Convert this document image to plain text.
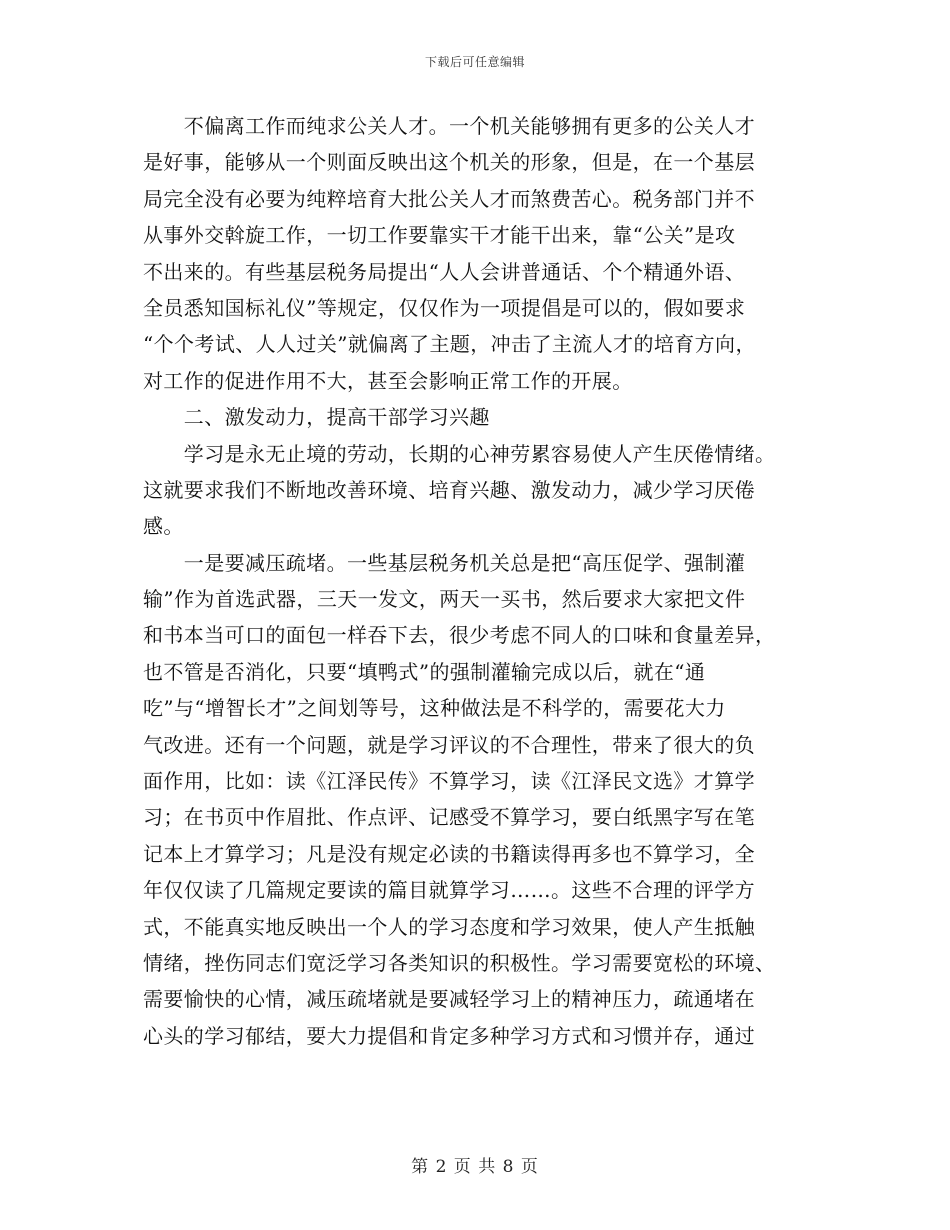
下载后可任意编辑
　　不偏离工作而纯求公关人才。一个机关能够拥有更多的公关人才
是好事，能够从一个则面反映出这个机关的形象，但是，在一个基层
局完全没有必要为纯粹培育大批公关人才而煞费苦心。税务部门并不
从事外交斡旋工作，一切工作要靠实干才能干出来，靠“公关”是攻
不出来的。有些基层税务局提出“人人会讲普通话、个个精通外语、
全员悉知国标礼仪”等规定，仅仅作为一项提倡是可以的，假如要求
“个个考试、人人过关”就偏离了主题，冲击了主流人才的培育方向，
对工作的促进作用不大，甚至会影响正常工作的开展。
　　二、激发动力，提高干部学习兴趣
　　学习是永无止境的劳动，长期的心神劳累容易使人产生厌倦情绪。
这就要求我们不断地改善环境、培育兴趣、激发动力，减少学习厌倦
感。
　　一是要减压疏堵。一些基层税务机关总是把“高压促学、强制灌
输”作为首选武器，三天一发文，两天一买书，然后要求大家把文件
和书本当可口的面包一样吞下去，很少考虑不同人的口味和食量差异，
也不管是否消化，只要“填鸭式”的强制灌输完成以后，就在“通
吃”与“增智长才”之间划等号，这种做法是不科学的，需要花大力
气改进。还有一个问题，就是学习评议的不合理性，带来了很大的负
面作用，比如：读《江泽民传》不算学习，读《江泽民文选》才算学
习；在书页中作眉批、作点评、记感受不算学习，要白纸黑字写在笔
记本上才算学习；凡是没有规定必读的书籍读得再多也不算学习，全
年仅仅读了几篇规定要读的篇目就算学习……。这些不合理的评学方
式，不能真实地反映出一个人的学习态度和学习效果，使人产生抵触
情绪，挫伤同志们宽泛学习各类知识的积极性。学习需要宽松的环境、
需要愉快的心情，减压疏堵就是要减轻学习上的精神压力，疏通堵在
心头的学习郁结，要大力提倡和肯定多种学习方式和习惯并存，通过
第 2 页 共 8 页
